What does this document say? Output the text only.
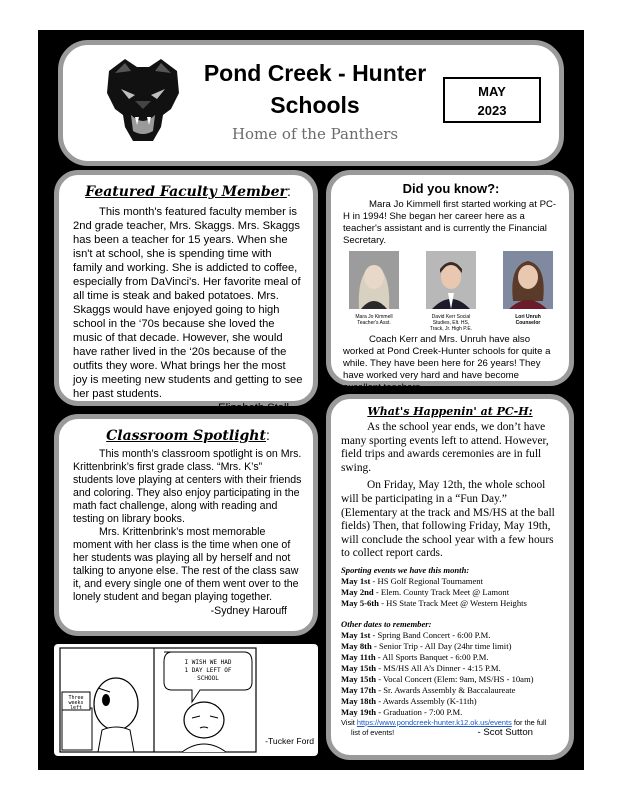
Pond Creek - Hunter
Schools
Home of the Panthers
MAY
2023
Featured Faculty Member:
This month's featured faculty member is 2nd grade teacher, Mrs. Skaggs. Mrs. Skaggs has been a teacher for 15 years. When she isn't at school, she is spending time with family and working. She is addicted to coffee, especially from DaVinci's. Her favorite meal of all time is steak and baked potatoes. Mrs. Skaggs would have enjoyed going to high school in the ‘70s because she loved the music of that decade. However, she would have rather lived in the ‘20s because of the outfits they wore. What brings her the most joy is meeting new students and getting to see her past students.
-Elizabeth Stoll
Did you know?:
Mara Jo Kimmell first started working at PC-H in 1994! She began her career here as a teacher's assistant and is currently the Financial Secretary.
Mara Jo Kimmell Teacher's Asst.
David Kerr Social Studies, Elt. HS, Track, Jr. High P.E.
Lori Unruh Counselor
Coach Kerr and Mrs. Unruh have also worked at Pond Creek-Hunter schools for quite a while. They have been here for 26 years! They have worked very hard and have become excellent teachers.
Classroom Spotlight:
This month’s classroom spotlight is on Mrs. Krittenbrink’s first grade class. “Mrs. K’s” students love playing at centers with their friends and coloring. They also enjoy participating in the math fact challenge, along with reading and testing on library books.
Mrs. Krittenbrink’s most memorable moment with her class is the time when one of her students was playing all by herself and not talking to anyone else. The rest of the class saw it, and every single one of them went over to the lonely student and began playing together.
-Sydney Harouff
What's Happenin' at PC-H:
As the school year ends, we don’t have many sporting events left to attend. However, field trips and awards ceremonies are in full swing.
On Friday, May 12th, the whole school will be participating in a “Fun Day.” (Elementary at the track and MS/HS at the ball fields) Then, that following Friday, May 19th, will conclude the school year with a few hours to collect report cards.
Sporting events we have this month:
May 1st - HS Golf Regional Tournament
May 2nd - Elem. County Track Meet @ Lamont
May 5-6th - HS State Track Meet @ Western Heights
Other dates to remember:
May 1st - Spring Band Concert - 6:00 P.M.
May 8th - Senior Trip - All Day (24hr time limit)
May 11th - All Sports Banquet - 6:00 P.M.
May 15th - MS/HS All A’s Dinner - 4:15 P.M.
May 15th - Vocal Concert (Elem: 9am, MS/HS - 10am)
May 17th - Sr. Awards Assembly & Baccalaureate
May 18th - Awards Assembly (K-11th)
May 19th - Graduation - 7:00 P.M.
Visit https://www.pondcreek-hunter.k12.ok.us/events for the full
list of events!	- Scot Sutton
I WISH WE HAD
1 DAY LEFT OF
SCHOOL
Three
weeks
left
-Tucker Ford
